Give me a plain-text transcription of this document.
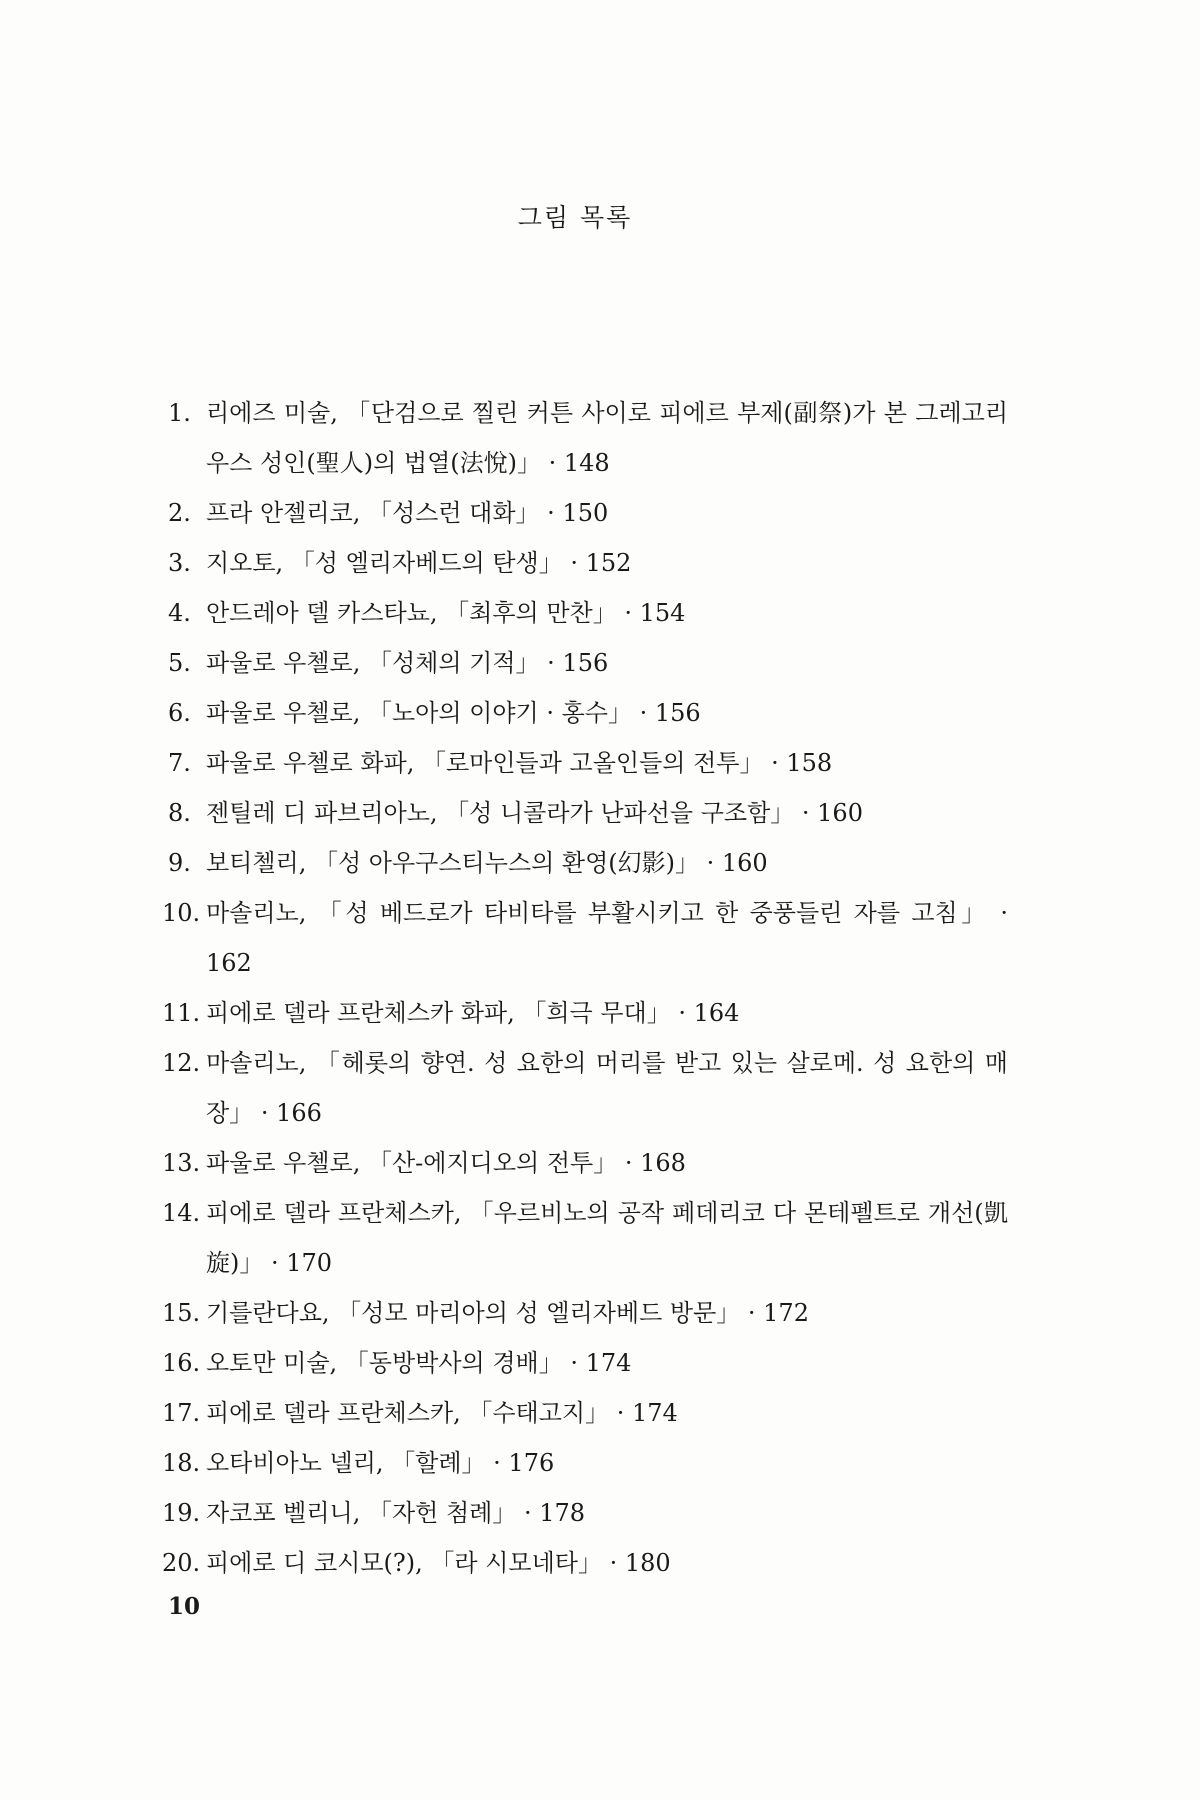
그림 목록
1. 리에즈 미술, 「단검으로 찔린 커튼 사이로 피에르 부제(副祭)가 본 그레고리우스 성인(聖人)의 법열(法悅)」 · 148
2. 프라 안젤리코, 「성스런 대화」 · 150
3. 지오토, 「성 엘리자베드의 탄생」 · 152
4. 안드레아 델 카스타뇨, 「최후의 만찬」 · 154
5. 파울로 우첼로, 「성체의 기적」 · 156
6. 파울로 우첼로, 「노아의 이야기 · 홍수」 · 156
7. 파울로 우첼로 화파, 「로마인들과 고올인들의 전투」 · 158
8. 젠틸레 디 파브리아노, 「성 니콜라가 난파선을 구조함」 · 160
9. 보티첼리, 「성 아우구스티누스의 환영(幻影)」 · 160
10. 마솔리노, 「성 베드로가 타비타를 부활시키고 한 중풍들린 자를 고침」 · 162
11. 피에로 델라 프란체스카 화파, 「희극 무대」 · 164
12. 마솔리노, 「헤롯의 향연. 성 요한의 머리를 받고 있는 살로메. 성 요한의 매장」 · 166
13. 파울로 우첼로, 「산-에지디오의 전투」 · 168
14. 피에로 델라 프란체스카, 「우르비노의 공작 페데리코 다 몬테펠트로 개선(凱旋)」 · 170
15. 기를란다요, 「성모 마리아의 성 엘리자베드 방문」 · 172
16. 오토만 미술, 「동방박사의 경배」 · 174
17. 피에로 델라 프란체스카, 「수태고지」 · 174
18. 오타비아노 넬리, 「할례」 · 176
19. 자코포 벨리니, 「자헌 첨례」 · 178
20. 피에로 디 코시모(?), 「라 시모네타」 · 180
10
